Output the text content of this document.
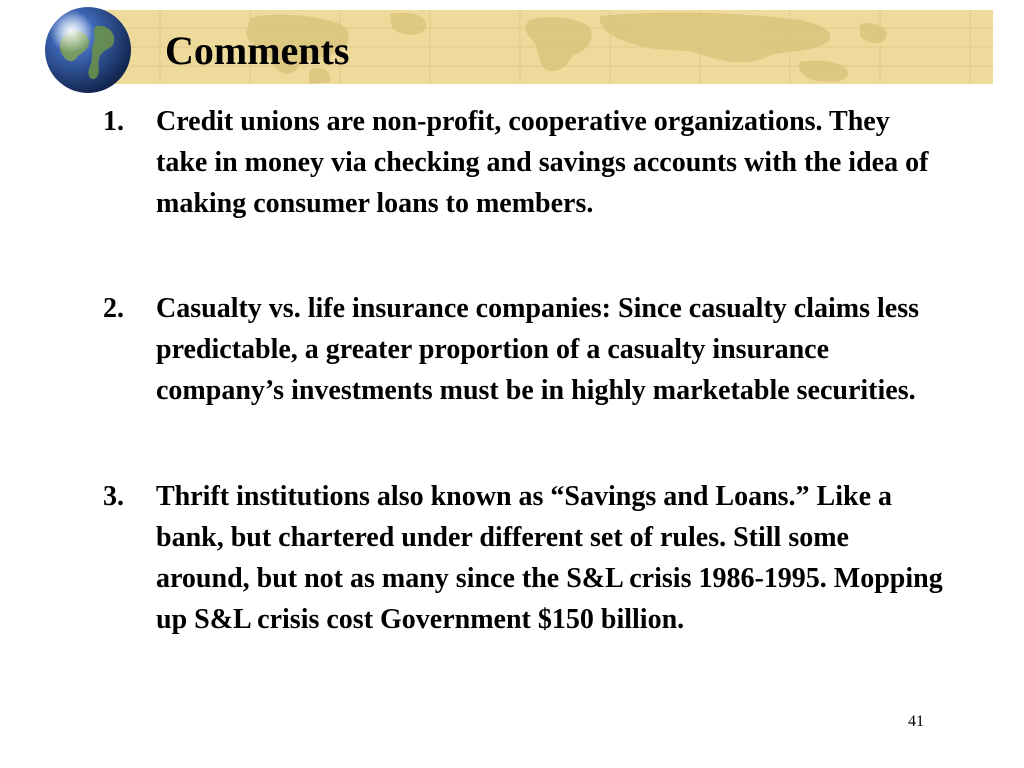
Comments
1. Credit unions are non-profit, cooperative organizations. They take in money via checking and savings accounts with the idea of making consumer loans to members.

2. Casualty vs. life insurance companies: Since casualty claims less predictable, a greater proportion of a casualty insurance company’s investments must be in highly marketable securities.

3. Thrift institutions also known as “Savings and Loans.” Like a bank, but chartered under different set of rules. Still some around, but not as many since the S&L crisis 1986-1995. Mopping up S&L crisis cost Government $150 billion.

41
